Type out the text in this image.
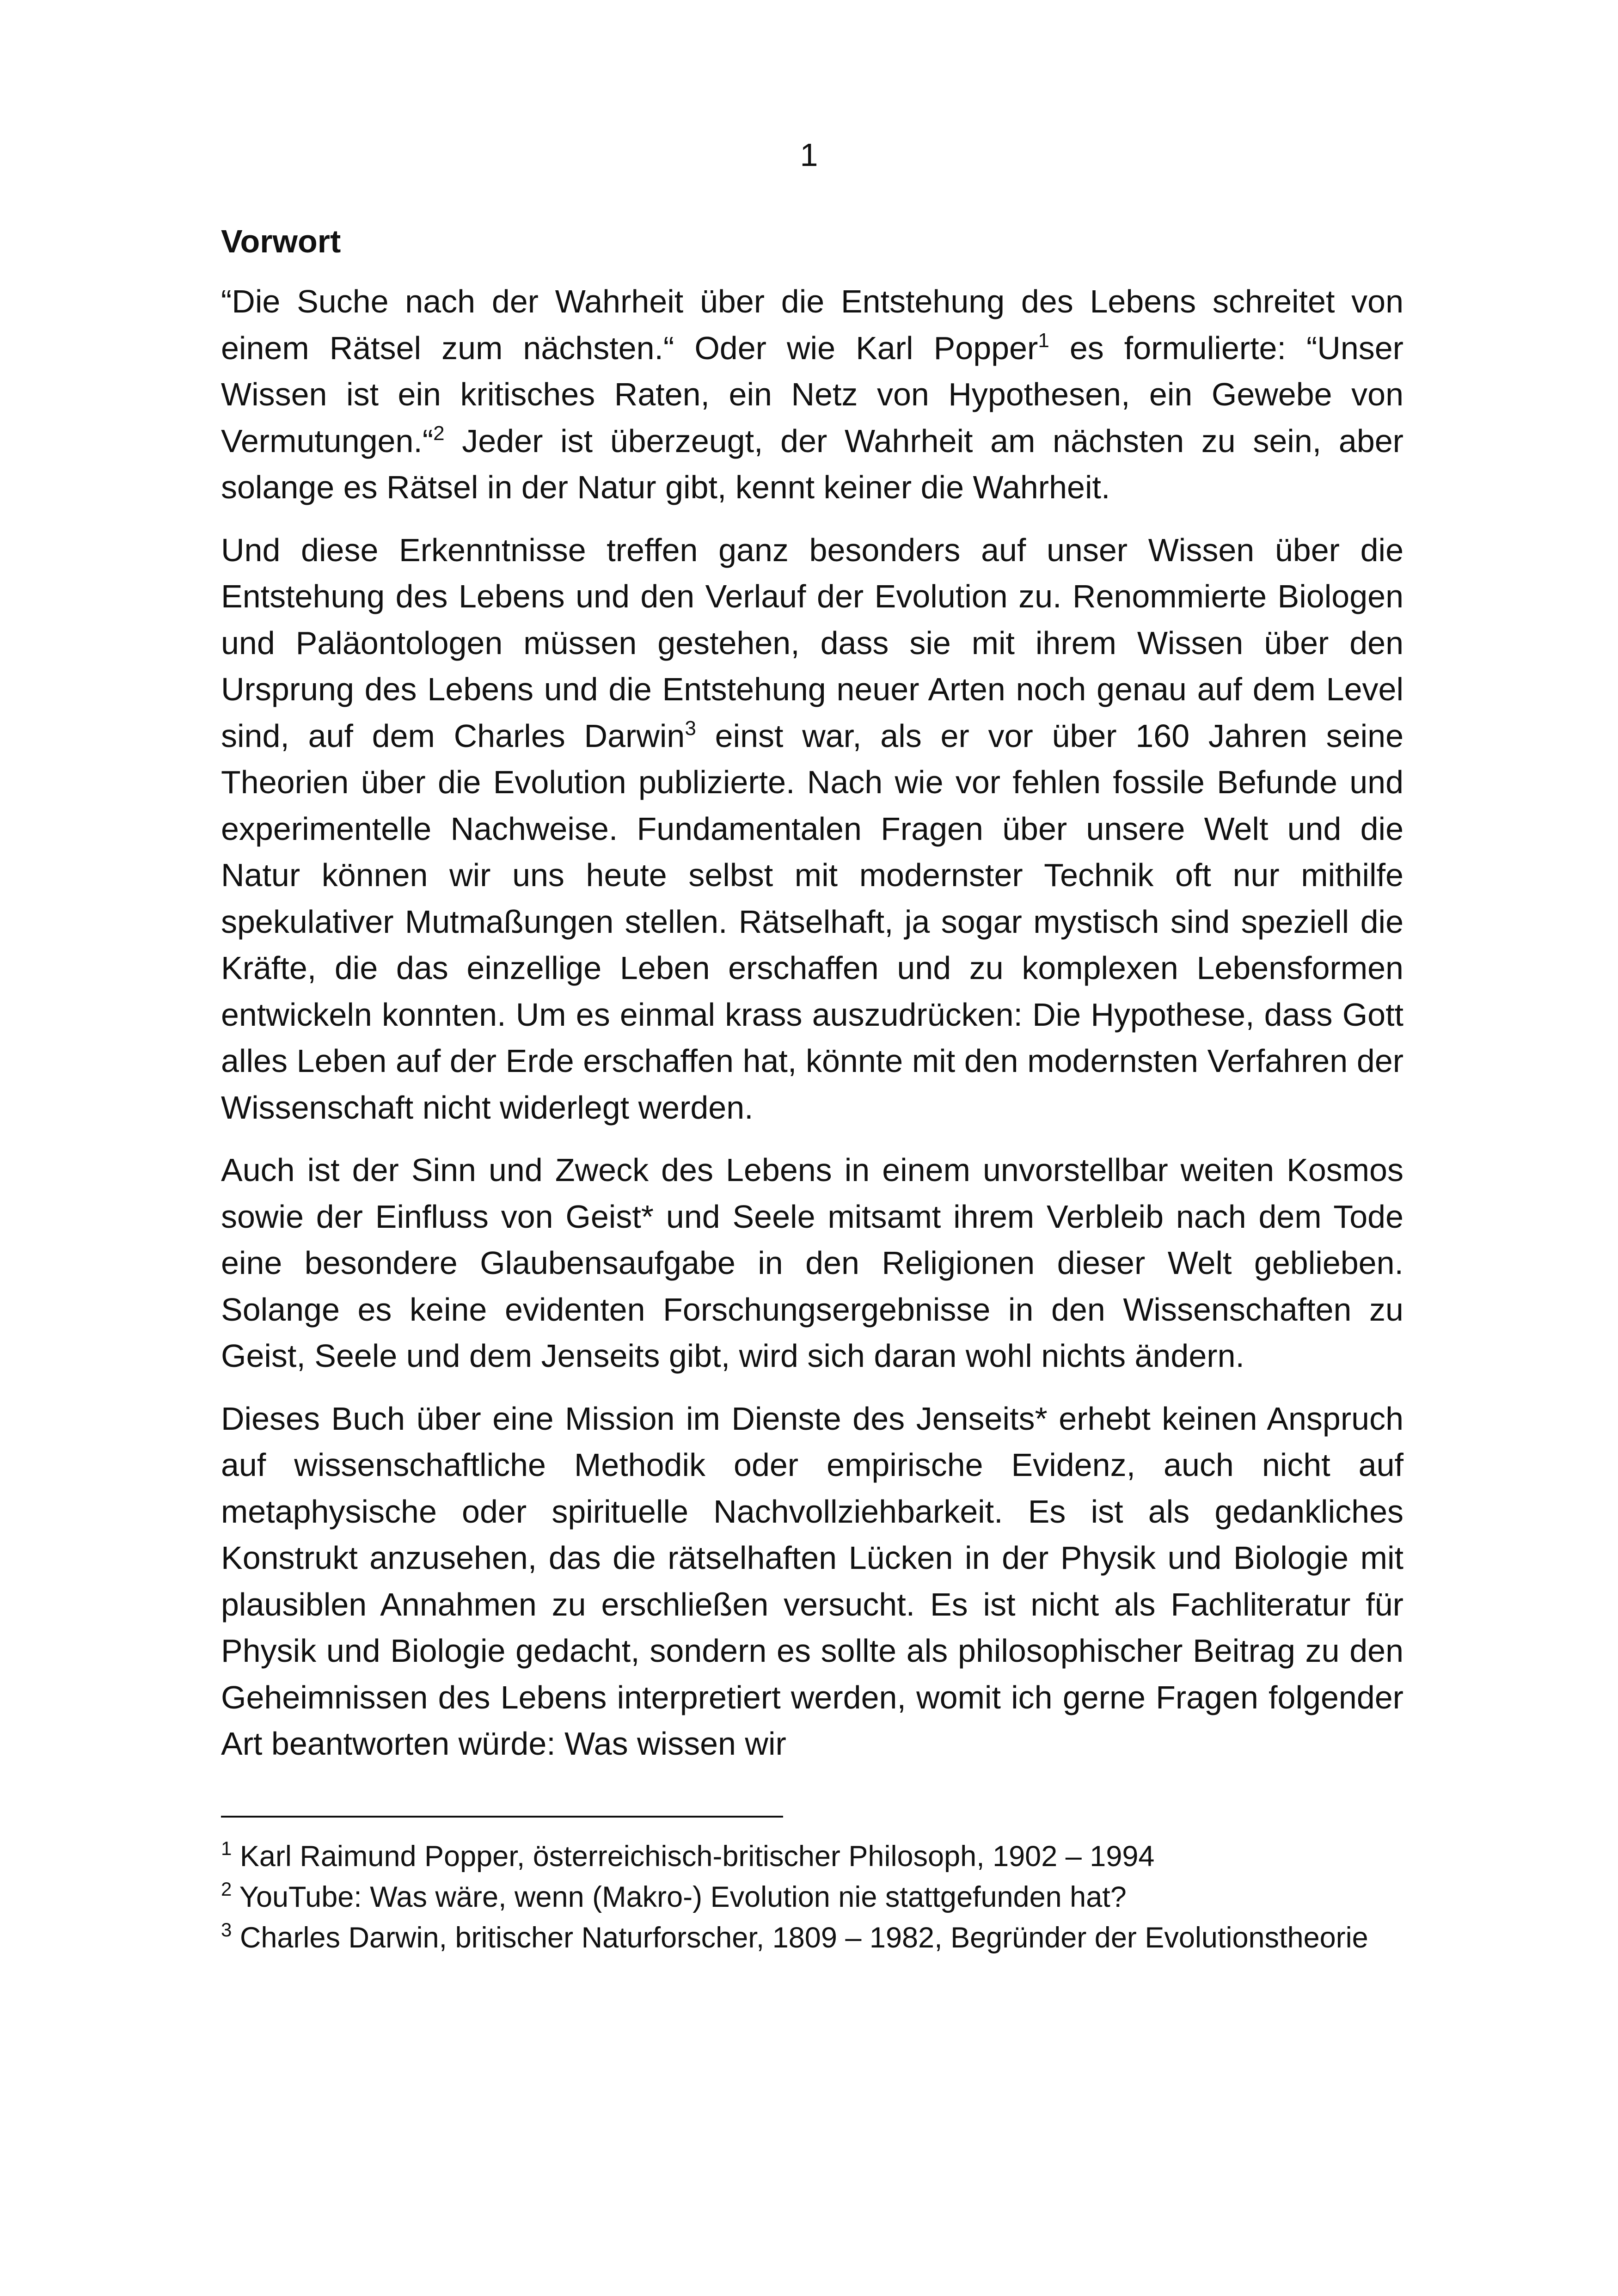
1
Vorwort

“Die Suche nach der Wahrheit über die Entstehung des Lebens schreitet von einem Rätsel zum nächsten.“ Oder wie Karl Popper$^1$ es formulierte: “Unser Wissen ist ein kritisches Raten, ein Netz von Hypothesen, ein Gewebe von Vermutungen.“$^2$ Jeder ist überzeugt, der Wahrheit am nächsten zu sein, aber solange es Rätsel in der Natur gibt, kennt keiner die Wahrheit.

Und diese Erkenntnisse treffen ganz besonders auf unser Wissen über die Entstehung des Lebens und den Verlauf der Evolution zu. Renommierte Biologen und Paläontologen müssen gestehen, dass sie mit ihrem Wissen über den Ursprung des Lebens und die Entstehung neuer Arten noch genau auf dem Level sind, auf dem Charles Darwin$^3$ einst war, als er vor über 160 Jahren seine Theorien über die Evolution publizierte. Nach wie vor fehlen fossile Befunde und experimentelle Nachweise. Fundamentalen Fragen über unsere Welt und die Natur können wir uns heute selbst mit modernster Technik oft nur mithilfe spekulativer Mutmaßungen stellen. Rätselhaft, ja sogar mystisch sind speziell die Kräfte, die das einzellige Leben erschaffen und zu komplexen Lebensformen entwickeln konnten. Um es einmal krass auszudrücken: Die Hypothese, dass Gott alles Leben auf der Erde erschaffen hat, könnte mit den modernsten Verfahren der Wissenschaft nicht widerlegt werden.

Auch ist der Sinn und Zweck des Lebens in einem unvorstellbar weiten Kosmos sowie der Einfluss von Geist* und Seele mitsamt ihrem Verbleib nach dem Tode eine besondere Glaubensaufgabe in den Religionen dieser Welt geblieben. Solange es keine evidenten Forschungsergebnisse in den Wissenschaften zu Geist, Seele und dem Jenseits gibt, wird sich daran wohl nichts ändern.

Dieses Buch über eine Mission im Dienste des Jenseits* erhebt keinen Anspruch auf wissenschaftliche Methodik oder empirische Evidenz, auch nicht auf metaphysische oder spirituelle Nachvollziehbarkeit. Es ist als gedankliches Konstrukt anzusehen, das die rätselhaften Lücken in der Physik und Biologie mit plausiblen Annahmen zu erschließen versucht. Es ist nicht als Fachliteratur für Physik und Biologie gedacht, sondern es sollte als philosophischer Beitrag zu den Geheimnissen des Lebens interpretiert werden, womit ich gerne Fragen folgender Art beantworten würde: Was wissen wir

$^1$ Karl Raimund Popper, österreichisch-britischer Philosoph, 1902 – 1994
$^2$ YouTube: Was wäre, wenn (Makro-) Evolution nie stattgefunden hat?
$^3$ Charles Darwin, britischer Naturforscher, 1809 – 1982, Begründer der Evolutionstheorie
